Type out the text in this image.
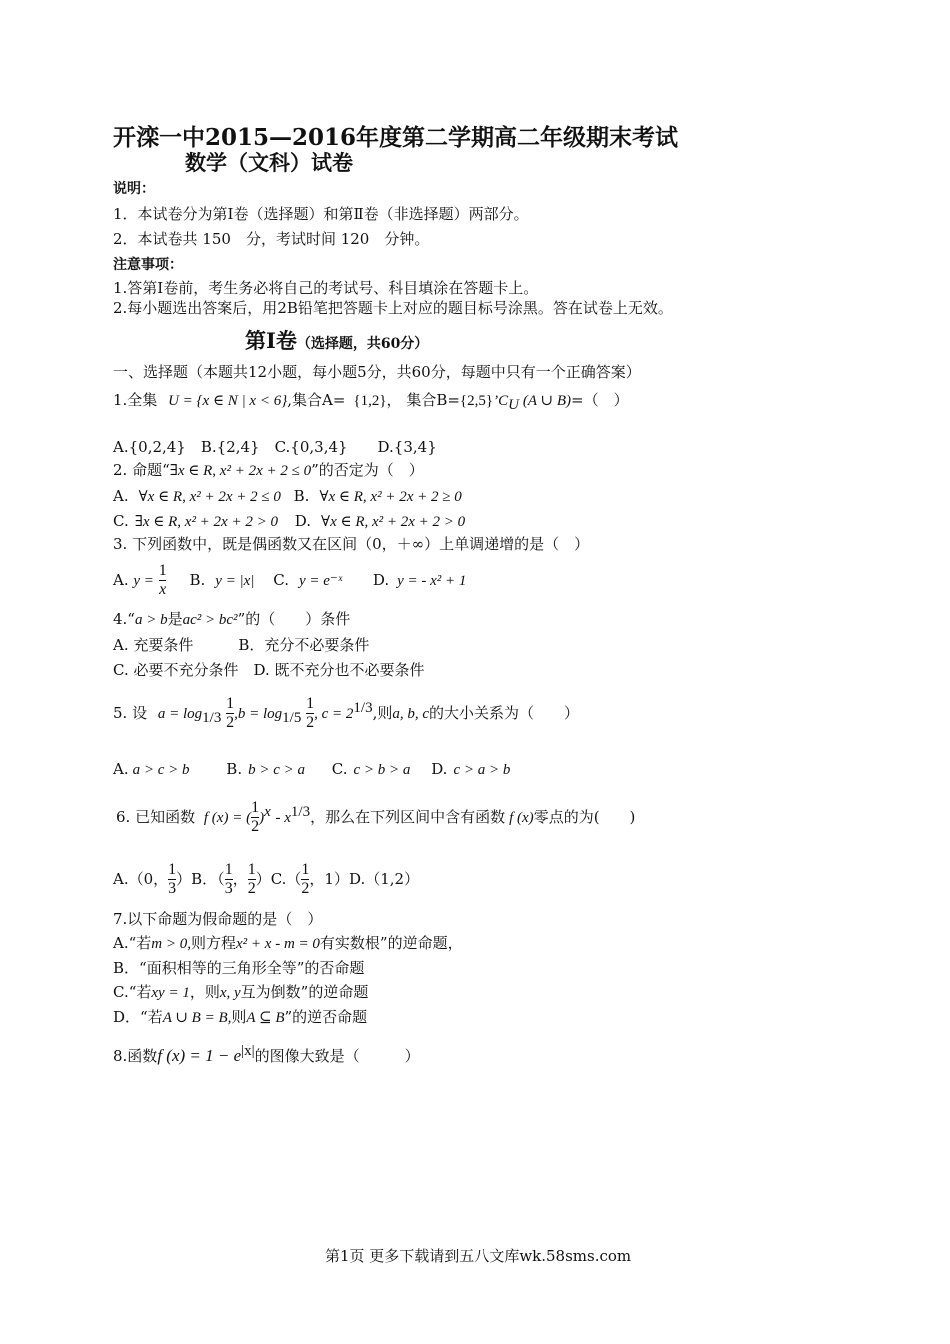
开滦一中2015—2016年度第二学期高二年级期末考试
数学（文科）试卷
说明：
1．本试卷分为第Ⅰ卷（选择题）和第Ⅱ卷（非选择题）两部分。
2．本试卷共 150　分，考试时间 120　分钟。
注意事项：
1.答第Ⅰ卷前，考生务必将自己的考试号、科目填涂在答题卡上。
2.每小题选出答案后，用2B铅笔把答题卡上对应的题目标号涂黑。答在试卷上无效。
第Ⅰ卷（选择题，共60分）
一、选择题（本题共12小题，每小题5分，共60分，每题中只有一个正确答案）
1.全集 U = {x ∈ N | x < 6},集合A= {1,2}， 集合$B=\{2,5\}’C_U$ (A ∪ B)=（　）
A.{0,2,4}　B.{2,4}　C.{0,3,4}　　D.{3,4}
2. 命题“∃x ∈ R, x² + 2x + 2 ≤ 0”的否定为（　）
A. ∀x ∈ R, x² + 2x + 2 ≤ 0 B. ∀x ∈ R, x² + 2x + 2 ≥ 0
C. ∃x ∈ R, x² + 2x + 2 > 0 D. ∀x ∈ R, x² + 2x + 2 > 0
3. 下列函数中，既是偶函数又在区间（0，＋∞）上单调递增的是（　）
A. $y = \frac{1}{x} B$. y = |x| C. y = e⁻ˣ D. y = - x² + 1
4.“a > b是ac² > bc²”的（　　）条件
A. 充要条件　　　B．充分不必要条件
C. 必要不充分条件　D. 既不充分也不必要条件
5. 设 $a = \log_{1/3} \frac{1}{2} ,b = \log_{1/5} \frac{1}{2}$ , $c = 2^{1/3}$,则a, b, c的大小关系为（　　）
A. a > c > b B. b > c > a C. c > b > a D. c > a > b
6. 已知函数 f (x) = ( $\frac{1}{2} )^x - x^{1/3}$，那么在下列区间中含有函数 f (x)零点的为(　　)
A.（0， $\frac{1}{3} )B$．（ $\frac{1}{3}$ ， $\frac{1}{2} )C.( \frac{1}{2}$ ，1）D.（1,2）
7.以下命题为假命题的是（　）
A.“若m > 0,则方程x² + x - m = 0有实数根”的逆命题，
B．“面积相等的三角形全等”的否命题
C.“若xy = 1，则x, y互为倒数”的逆命题
D．“若A ∪ B = B,则A ⊆ B”的逆否命题
8.函数f $(x) = 1 - e^{|x|}$的图像大致是（　　　）
第1页 更多下载请到五八文库wk.58sms.com
